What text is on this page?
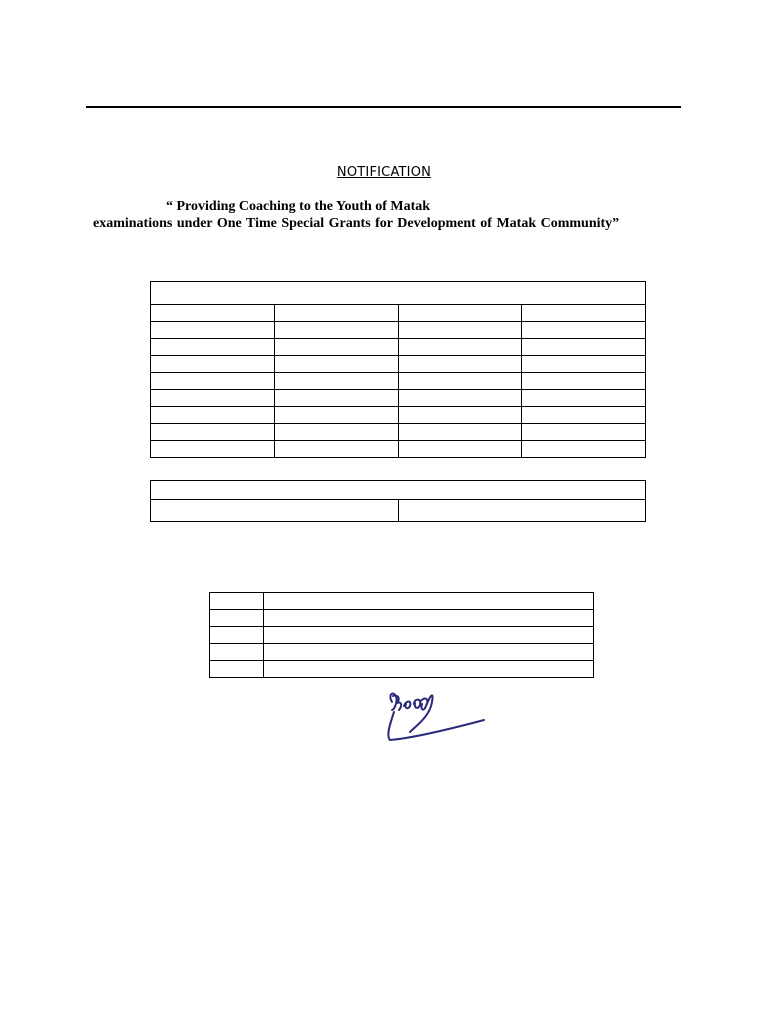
NOTIFICATION
“ Providing Coaching to the Youth of Matak
examinations under One Time Special Grants for Development of Matak Community”
